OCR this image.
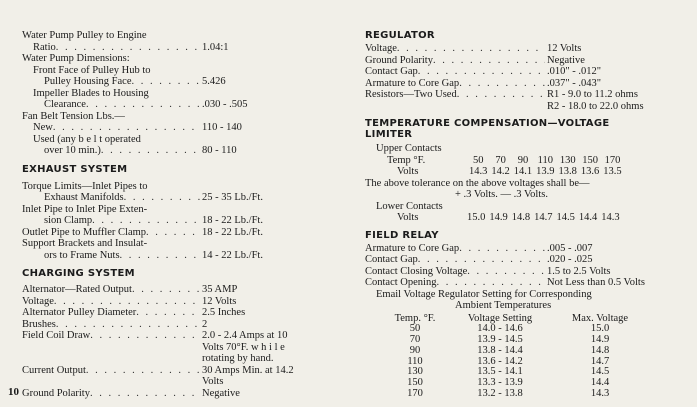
Water Pump Pulley to Engine
Ratio . . .	1.04:1
Water Pump Dimensions:
Front Face of Pulley Hub to
Pulley Housing Face . . .	5.426
Impeller Blades to Housing
Clearance . . .	.030 - .505
Fan Belt Tension Lbs.—
New . . .	110 - 140
Used (any b e l t operated
over 10 min.) . . .	80 - 110
EXHAUST SYSTEM
Torque Limits—Inlet Pipes to
Exhaust Manifolds . . .	25 - 35 Lb./Ft.
Inlet Pipe to Inlet Pipe Exten-
sion Clamp . . .	18 - 22 Lb./Ft.
Outlet Pipe to Muffler Clamp . . .	18 - 22 Lb./Ft.
Support Brackets and Insulat-
ors to Frame Nuts . . .	14 - 22 Lb./Ft.
CHARGING SYSTEM
Alternator—Rated Output . . .	35 AMP
Voltage . . .	12 Volts
Alternator Pulley Diameter . . .	2.5 Inches
Brushes . . .	2
Field Coil Draw . . .	2.0 - 2.4 Amps at 10
Volts 70°F. w h i l e
rotating by hand.
Current Output . . .	30 Amps Min. at 14.2
Volts
Ground Polarity . . .	Negative
REGULATOR
Voltage . . .	12 Volts
Ground Polarity . . .	Negative
Contact Gap . . .	.010" - .012"
Armature to Core Gap . . .	.037" - .043"
Resistors—Two Used . . .	R1 - 9.0 to 11.2 ohms
R2 - 18.0 to 22.0 ohms
TEMPERATURE COMPENSATION—VOLTAGE
LIMITER
Upper Contacts
Temp °F.	50	70	90	110	130	150	170
Volts	14.3	14.2	14.1	13.9	13.8	13.6	13.5
The above tolerance on the above voltages shall be—
+ .3 Volts. — .3 Volts.
Lower Contacts
Volts	15.0	14.9	14.8	14.7	14.5	14.4	14.3
FIELD RELAY
Armature to Core Gap . . .	.005 - .007
Contact Gap . . .	.020 - .025
Contact Closing Voltage . . .	1.5 to 2.5 Volts
Contact Opening . . .	Not Less than 0.5 Volts
Email Voltage Regulator Setting for Corresponding
Ambient Temperatures
Temp. °F.	Voltage Setting	Max. Voltage
50	14.0 - 14.6	15.0
70	13.9 - 14.5	14.9
90	13.8 - 14.4	14.8
110	13.6 - 14.2	14.7
130	13.5 - 14.1	14.5
150	13.3 - 13.9	14.4
170	13.2 - 13.8	14.3
10
